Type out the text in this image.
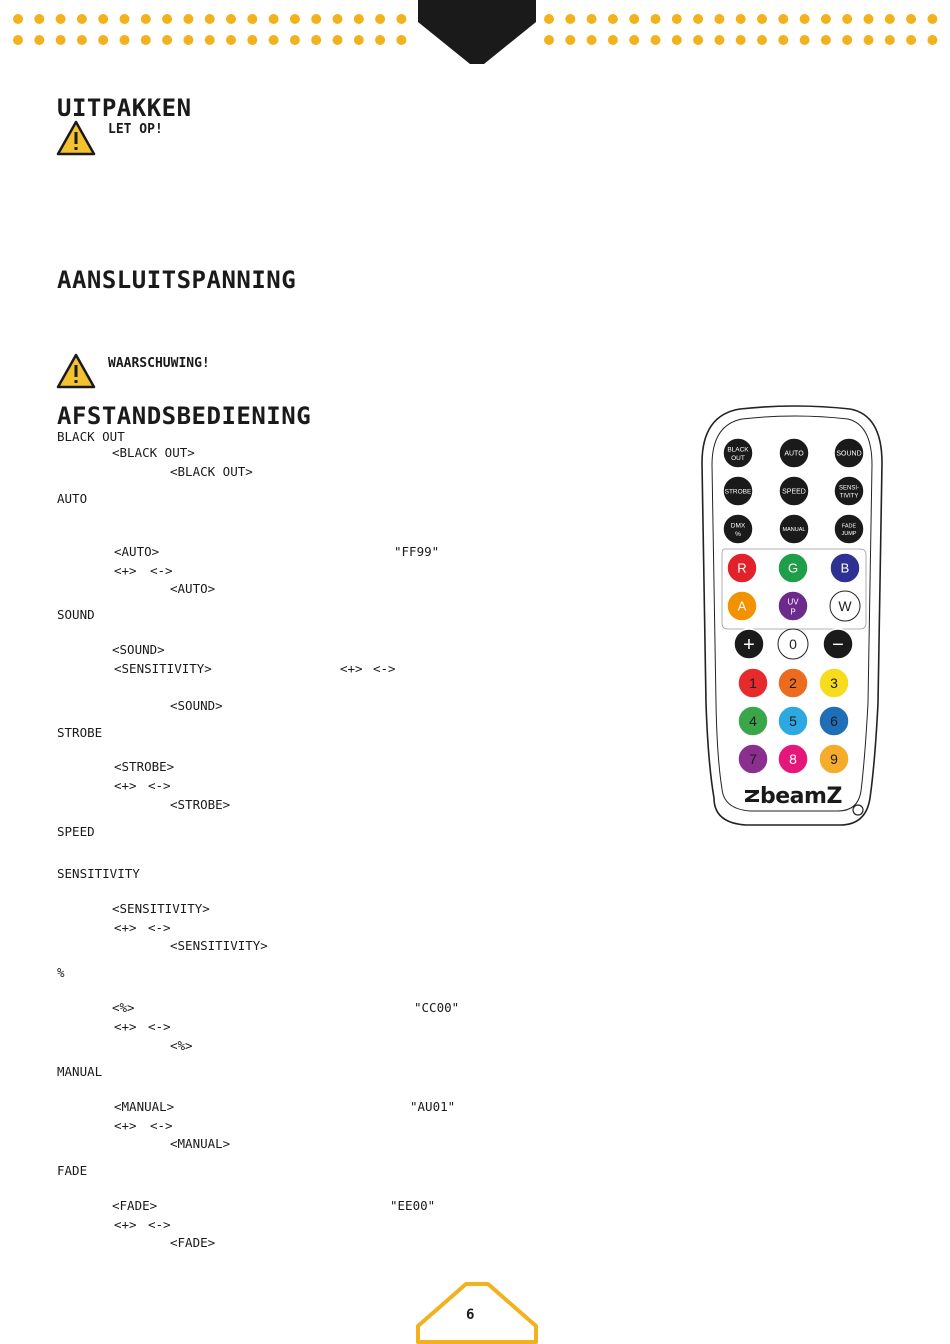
UITPAKKEN
LET OP!
AANSLUITSPANNING
WAARSCHUWING!
AFSTANDSBEDIENING
BLACK OUT
<BLACK OUT>
<BLACK OUT>
AUTO
<AUTO>	"FF99"
<+> <->
<AUTO>
SOUND
<SOUND>
<SENSITIVITY>	<+> <->
<SOUND>
STROBE
<STROBE>
<+> <->
<STROBE>
SPEED
SENSITIVITY
<SENSITIVITY>
<+> <->
<SENSITIVITY>
%
<%>	"CC00"
<+> <->
<%>
MANUAL
<MANUAL>	"AU01"
<+> <->
<MANUAL>
FADE
<FADE>	"EE00"
<+> <->
<FADE>
BLACK
OUT
AUTO	SOUND
STROBE	SPEED
SENSI-
TIVITY
DMX
%
MANUAL
FADE
JUMP
R	G	B
A	UV
P	W
+ 0 −
1 2 3
4 5 6
7 8 9
beamZ
6
